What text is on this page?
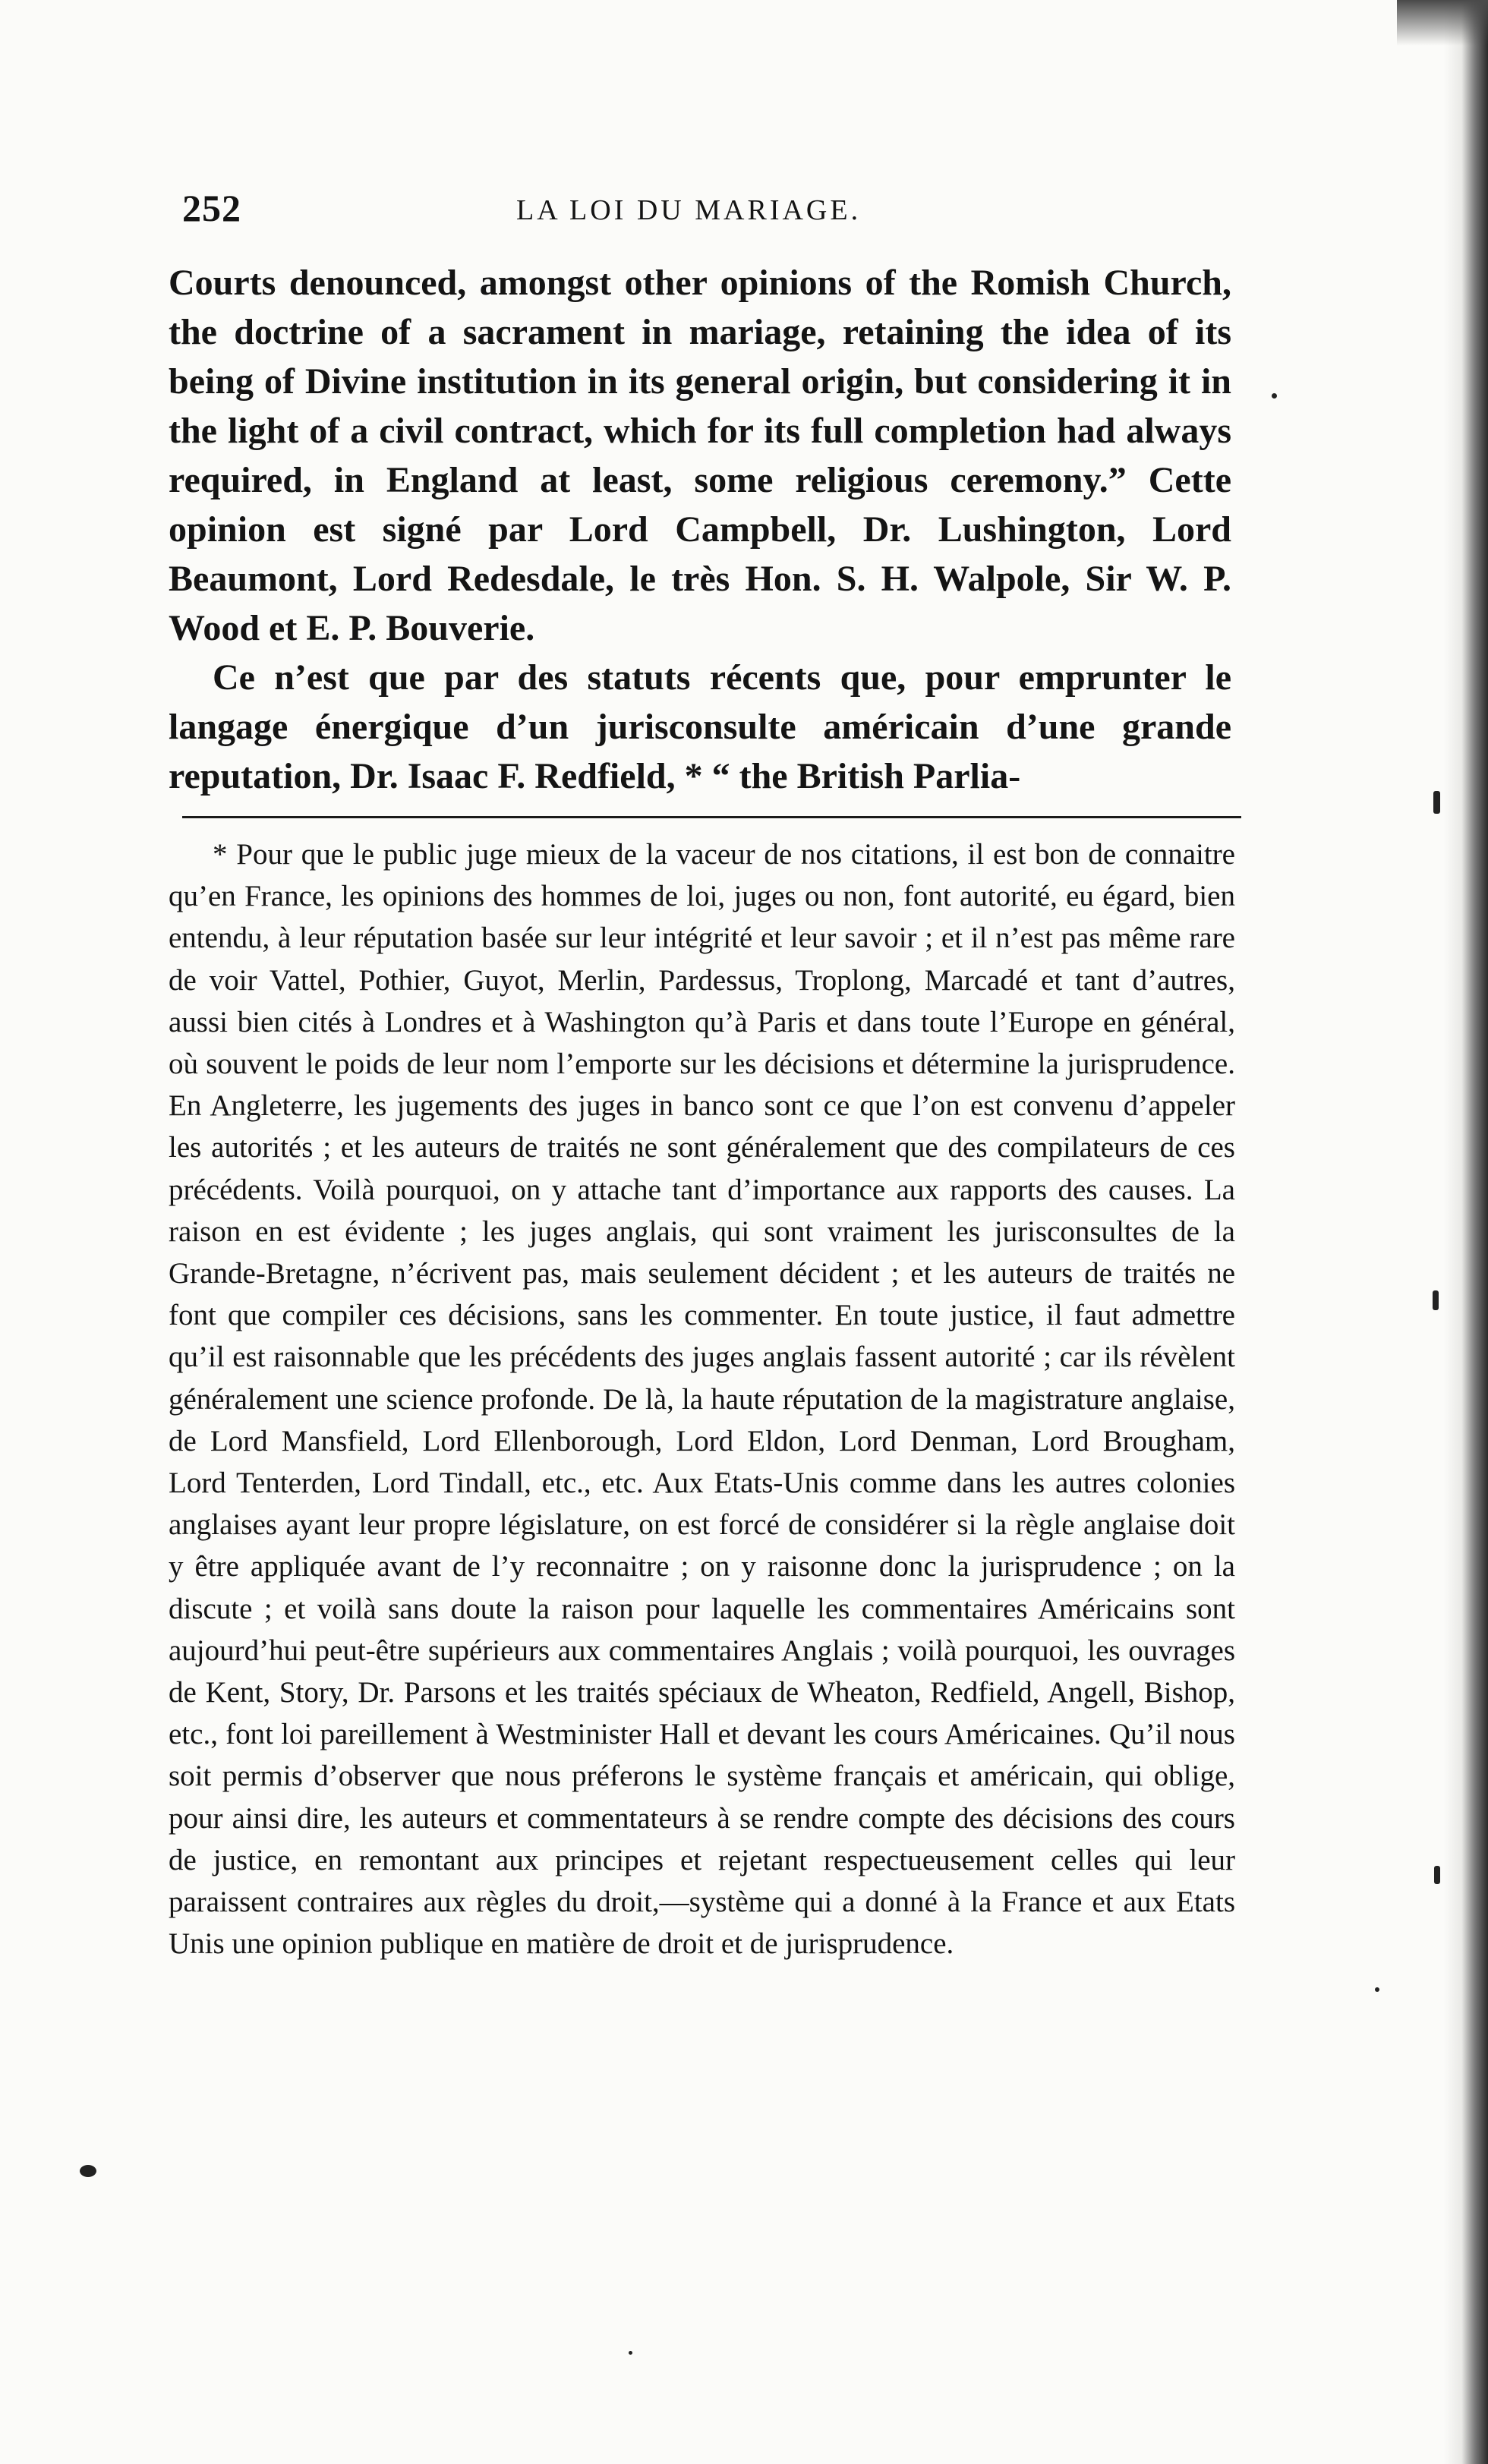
252	LA LOI DU MARIAGE.

Courts denounced, amongst other opinions of the Romish Church, the doctrine of a sacrament in mariage, retaining the idea of its being of Divine institution in its general origin, but considering it in the light of a civil contract, which for its full completion had always required, in England at least, some religious ceremony.” Cette opinion est signé par Lord Campbell, Dr. Lushington, Lord Beaumont, Lord Redesdale, le très Hon. S. H. Walpole, Sir W. P. Wood et E. P. Bouverie.

Ce n’est que par des statuts récents que, pour emprunter le langage énergique d’un jurisconsulte américain d’une grande reputation, Dr. Isaac F. Redfield, * “ the British Parlia-

* Pour que le public juge mieux de la vaceur de nos citations, il est bon de connaitre qu’en France, les opinions des hommes de loi, juges ou non, font autorité, eu égard, bien entendu, à leur réputation basée sur leur intégrité et leur savoir ; et il n’est pas même rare de voir Vattel, Pothier, Guyot, Merlin, Pardessus, Troplong, Marcadé et tant d’autres, aussi bien cités à Londres et à Washington qu’à Paris et dans toute l’Europe en général, où souvent le poids de leur nom l’emporte sur les décisions et détermine la jurisprudence. En Angleterre, les jugements des juges in banco sont ce que l’on est convenu d’appeler les autorités ; et les auteurs de traités ne sont généralement que des compilateurs de ces précédents. Voilà pourquoi, on y attache tant d’importance aux rapports des causes. La raison en est évidente ; les juges anglais, qui sont vraiment les jurisconsultes de la Grande-Bretagne, n’écrivent pas, mais seulement décident ; et les auteurs de traités ne font que compiler ces décisions, sans les commenter. En toute justice, il faut admettre qu’il est raisonnable que les précédents des juges anglais fassent autorité ; car ils révèlent généralement une science profonde. De là, la haute réputation de la magistrature anglaise, de Lord Mansfield, Lord Ellenborough, Lord Eldon, Lord Denman, Lord Brougham, Lord Tenterden, Lord Tindall, etc., etc. Aux Etats-Unis comme dans les autres colonies anglaises ayant leur propre législature, on est forcé de considérer si la règle anglaise doit y être appliquée avant de l’y reconnaitre ; on y raisonne donc la jurisprudence ; on la discute ; et voilà sans doute la raison pour laquelle les commentaires Américains sont aujourd’hui peut-être supérieurs aux commentaires Anglais ; voilà pourquoi, les ouvrages de Kent, Story, Dr. Parsons et les traités spéciaux de Wheaton, Redfield, Angell, Bishop, etc., font loi pareillement à Westminister Hall et devant les cours Américaines. Qu’il nous soit permis d’observer que nous préferons le système français et américain, qui oblige, pour ainsi dire, les auteurs et commentateurs à se rendre compte des décisions des cours de justice, en remontant aux principes et rejetant respectueusement celles qui leur paraissent contraires aux règles du droit,—système qui a donné à la France et aux Etats Unis une opinion publique en matière de droit et de jurisprudence.
